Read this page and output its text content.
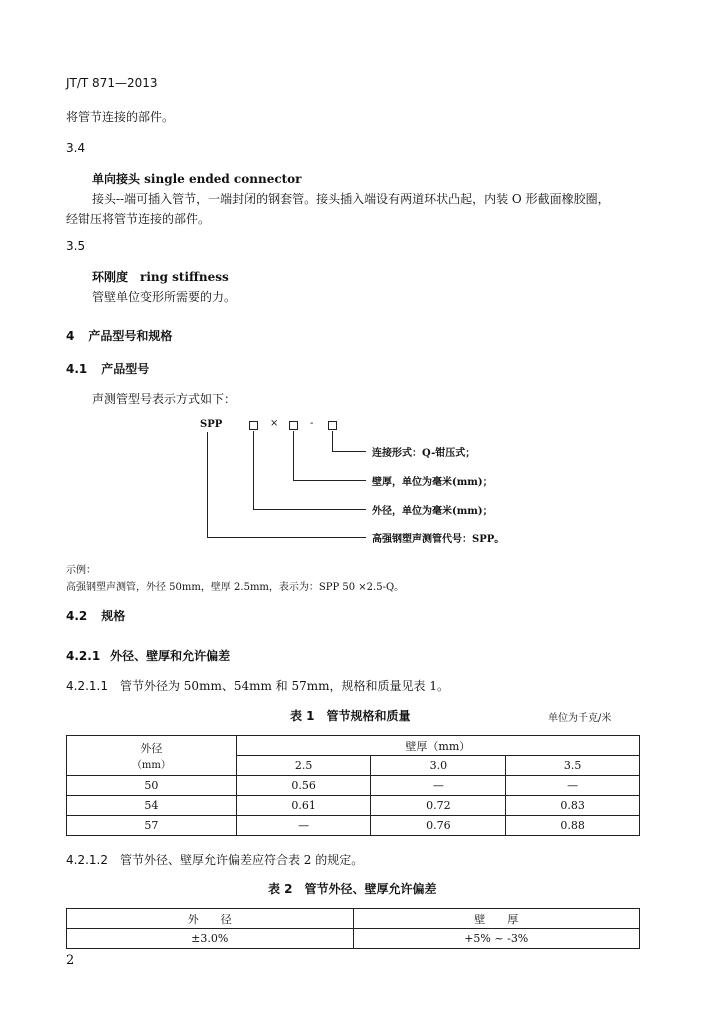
JT/T 871—2013
将管节连接的部件。
3.4
单向接头 single ended connector
接头--端可插入管节，一端封闭的钢套管。接头插入端设有两道环状凸起，内装 O 形截面橡胶圈，
经钳压将管节连接的部件。
3.5
环刚度　ring stiffness
管壁单位变形所需要的力。
4 产品型号和规格
4.1 产品型号
声测管型号表示方式如下：
SPP	×	-
连接形式：Q-钳压式；
壁厚，单位为毫米(mm)；
外径，单位为毫米(mm)；
高强钢塑声测管代号：SPP。
示例：
高强钢塑声测管，外径 50mm，壁厚 2.5mm，表示为：SPP 50 ×2.5-Q。
4.2 规格
4.2.1 外径、壁厚和允许偏差
4.2.1.1 管节外径为 50mm、54mm 和 57mm，规格和质量见表 1。
表 1　管节规格和质量	单位为千克/米
外径
（mm）	壁厚（mm）		
	2.5	3.0	3.5
50	0.56	—	—
54	0.61	0.72	0.83
57	—	0.76	0.88
4.2.1.2 管节外径、壁厚允许偏差应符合表 2 的规定。
表 2　管节外径、壁厚允许偏差
外　　径	壁　　厚
±3.0%	+5% ~ -3%
2
